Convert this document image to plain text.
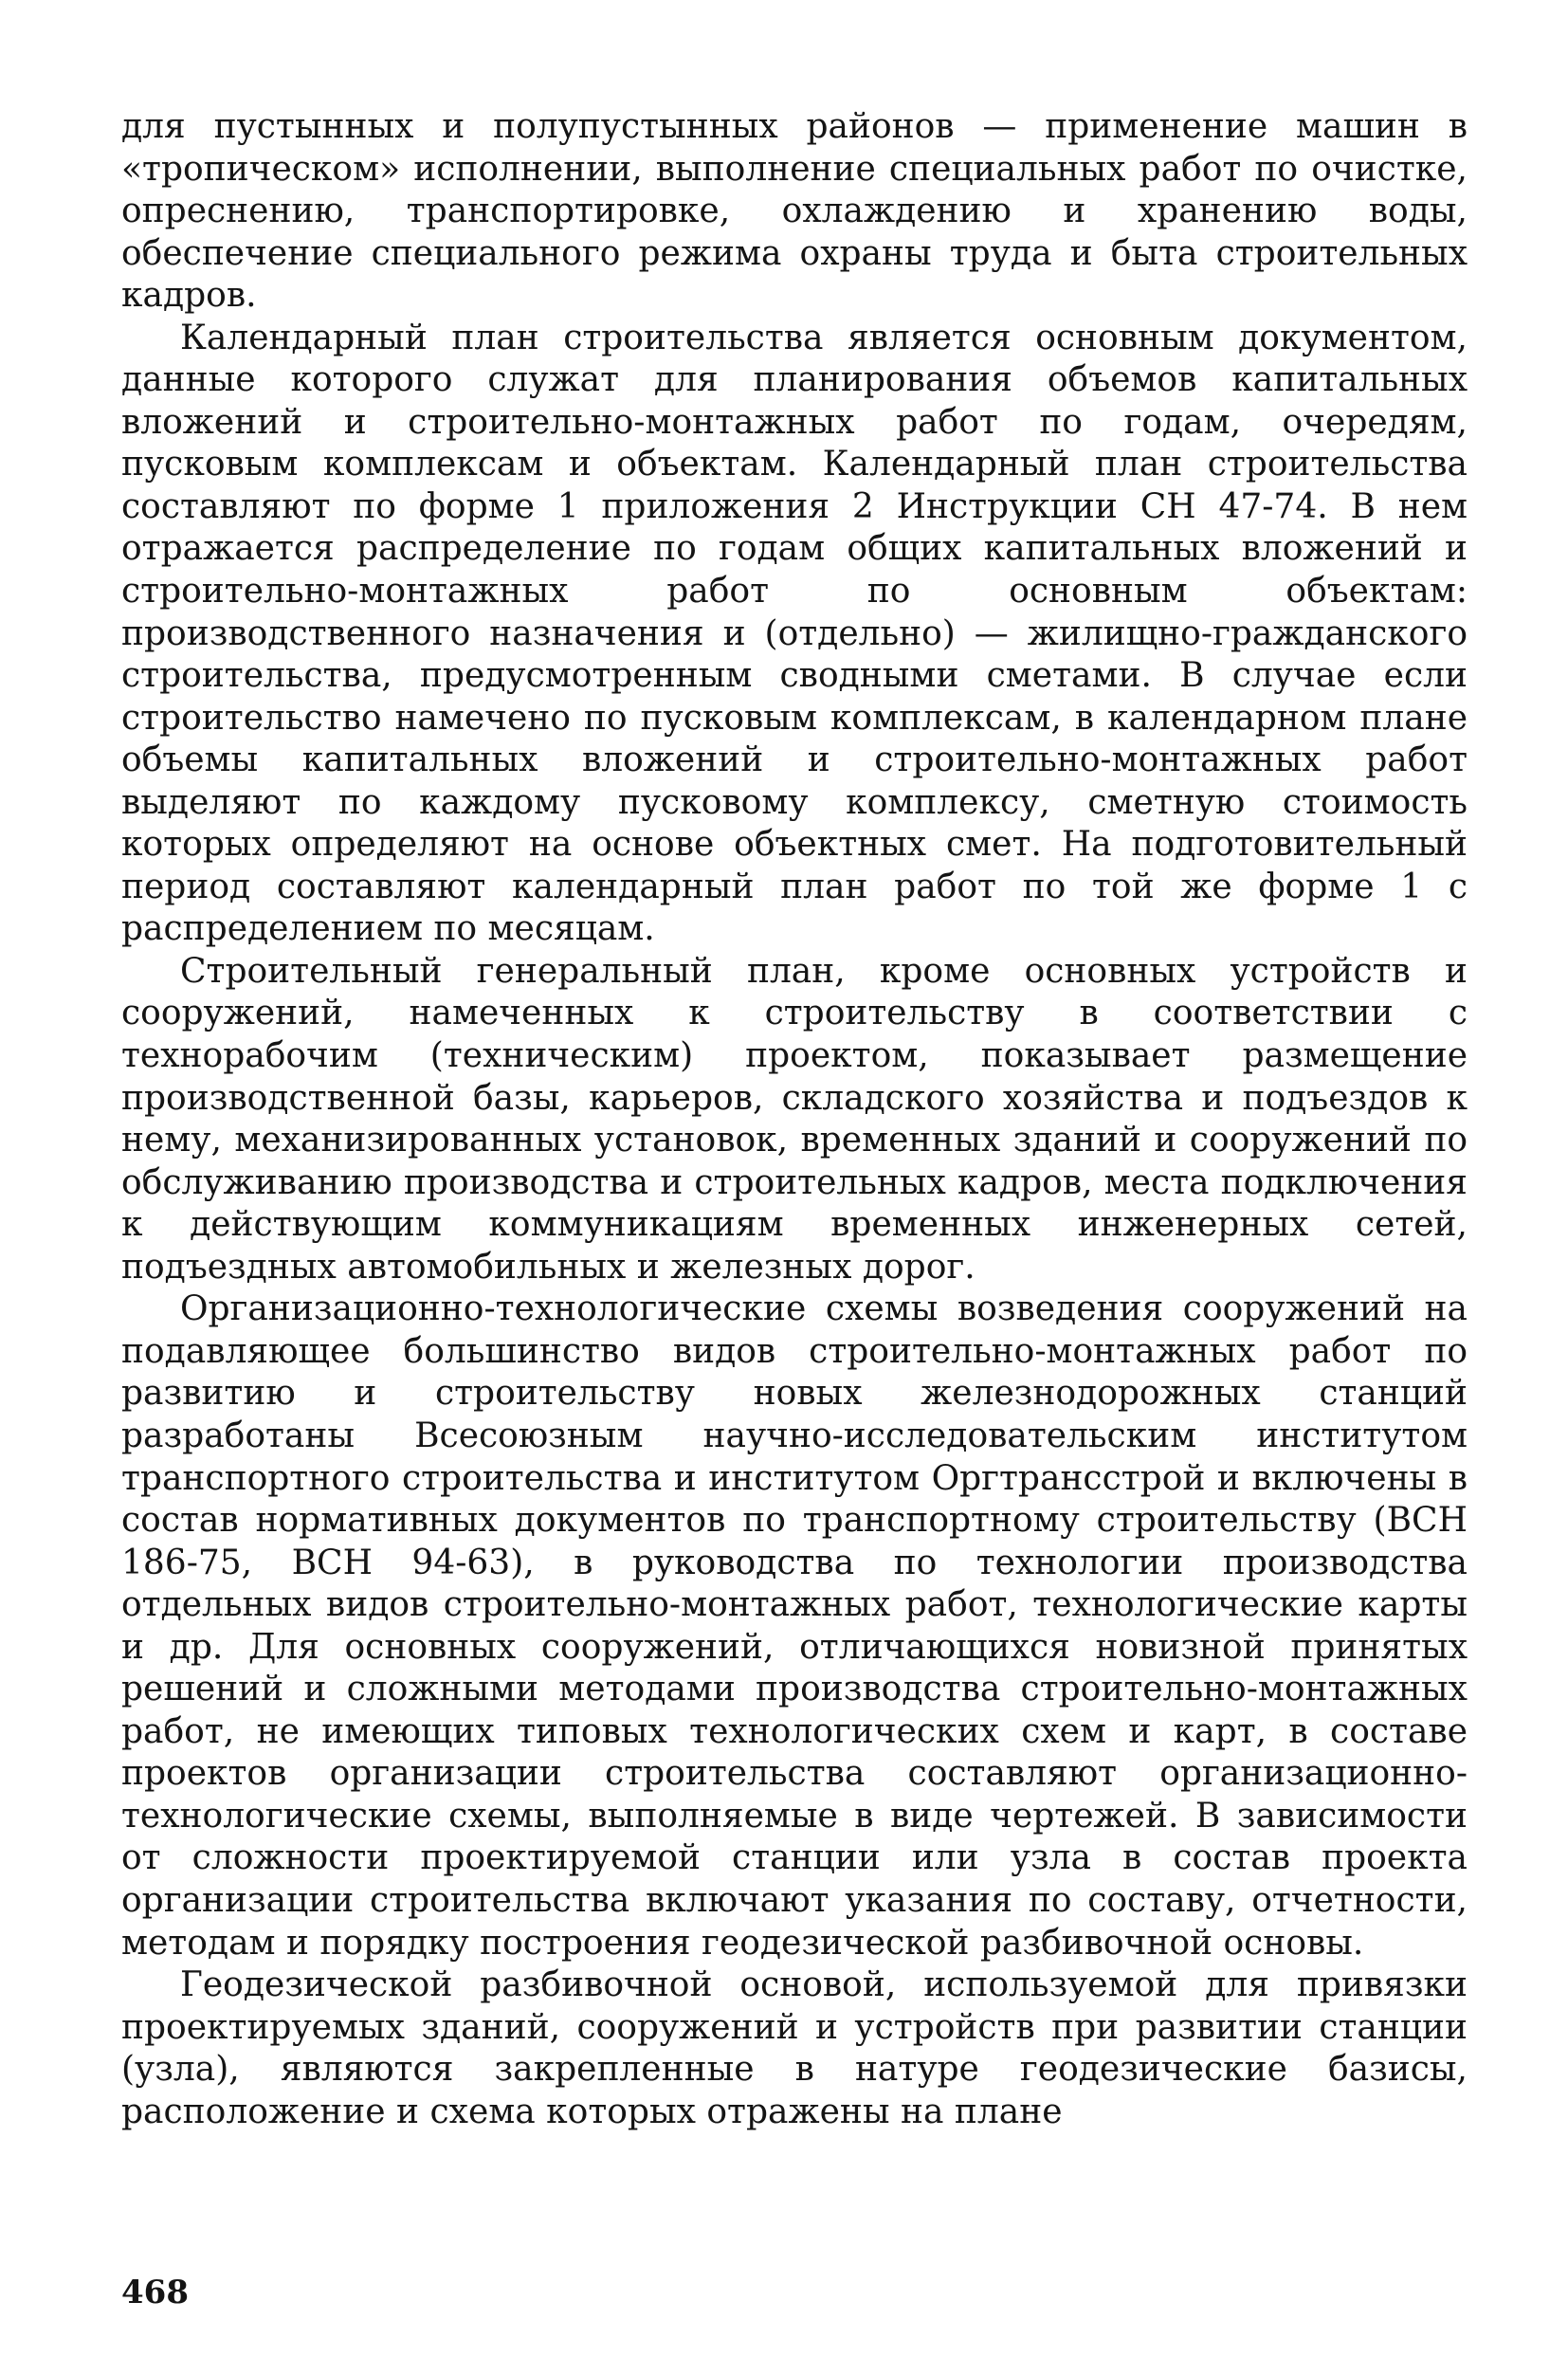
для пустынных и полупустынных районов — применение машин в «тропическом» исполнении, выполнение специальных работ по очистке, опреснению, транспортировке, охлаждению и хранению воды, обеспечение специального режима охраны труда и быта строительных кадров.

Календарный план строительства является основным документом, данные которого служат для планирования объемов капитальных вложений и строительно-монтажных работ по годам, очередям, пусковым комплексам и объектам. Календарный план строительства составляют по форме 1 приложения 2 Инструкции СН 47-74. В нем отражается распределение по годам общих капитальных вложений и строительно-монтажных работ по основным объектам: производственного назначения и (отдельно) — жилищно-гражданского строительства, предусмотренным сводными сметами. В случае если строительство намечено по пусковым комплексам, в календарном плане объемы капитальных вложений и строительно-монтажных работ выделяют по каждому пусковому комплексу, сметную стоимость которых определяют на основе объектных смет. На подготовительный период составляют календарный план работ по той же форме 1 с распределением по месяцам.

Строительный генеральный план, кроме основных устройств и сооружений, намеченных к строительству в соответствии с технорабочим (техническим) проектом, показывает размещение производственной базы, карьеров, складского хозяйства и подъездов к нему, механизированных установок, временных зданий и сооружений по обслуживанию производства и строительных кадров, места подключения к действующим коммуникациям временных инженерных сетей, подъездных автомобильных и железных дорог.

Организационно-технологические схемы возведения сооружений на подавляющее большинство видов строительно-монтажных работ по развитию и строительству новых железнодорожных станций разработаны Всесоюзным научно-исследовательским институтом транспортного строительства и институтом Оргтрансстрой и включены в состав нормативных документов по транспортному строительству (ВСН 186-75, ВСН 94-63), в руководства по технологии производства отдельных видов строительно-монтажных работ, технологические карты и др. Для основных сооружений, отличающихся новизной принятых решений и сложными методами производства строительно-монтажных работ, не имеющих типовых технологических схем и карт, в составе проектов организации строительства составляют организационно-технологические схемы, выполняемые в виде чертежей. В зависимости от сложности проектируемой станции или узла в состав проекта организации строительства включают указания по составу, отчетности, методам и порядку построения геодезической разбивочной основы.

Геодезической разбивочной основой, используемой для привязки проектируемых зданий, сооружений и устройств при развитии станции (узла), являются закрепленные в натуре геодезические базисы, расположение и схема которых отражены на плане

468
